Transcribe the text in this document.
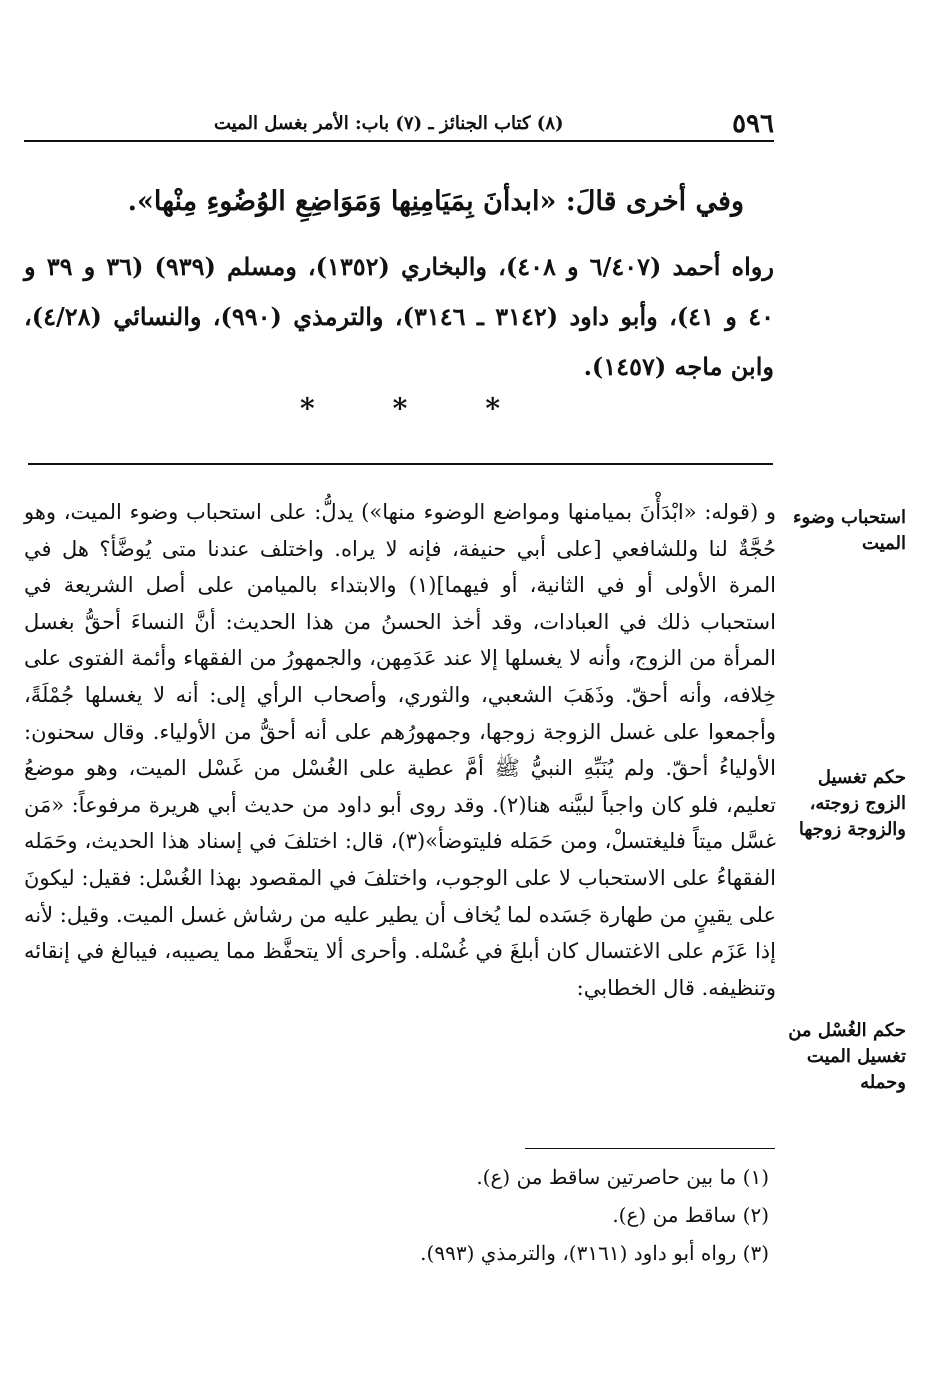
٥٩٦
(٨) كتاب الجنائز ـ (٧) باب: الأمر بغسل الميت
وفي أخرى قالَ: «ابدأنَ بِمَيَامِنِها وَمَوَاضِعِ الوُضُوءِ مِنْها».
رواه أحمد (٦/٤٠٧ و ٤٠٨)، والبخاري (١٣٥٢)، ومسلم (٩٣٩) (٣٦ و ٣٩ و ٤٠ و ٤١)، وأبو داود (٣١٤٢ ـ ٣١٤٦)، والترمذي (٩٩٠)، والنسائي (٤/٢٨)، وابن ماجه (١٤٥٧).
*	*	*
استحباب وضوء الميت
حكم تغسيل الزوج زوجته، والزوجة زوجها
حكم الغُسْل من تغسيل الميت وحمله
و (قوله: «ابْدَأْنَ بميامنها ومواضع الوضوء منها») يدلُّ: على استحباب وضوء الميت، وهو حُجَّةٌ لنا وللشافعي [على أبي حنيفة، فإنه لا يراه. واختلف عندنا متى يُوضَّأ؟ هل في المرة الأولى أو في الثانية، أو فيهما](١) والابتداء بالميامن على أصل الشريعة في استحباب ذلك في العبادات، وقد أخذ الحسنُ من هذا الحديث: أنَّ النساءَ أحقُّ بغسل المرأة من الزوج، وأنه لا يغسلها إلا عند عَدَمِهن، والجمهورُ من الفقهاء وأئمة الفتوى على خِلافه، وأنه أحقّ. وذَهَبَ الشعبي، والثوري، وأصحاب الرأي إلى: أنه لا يغسلها جُمْلَةً، وأجمعوا على غسل الزوجة زوجها، وجمهورُهم على أنه أحقُّ من الأولياء. وقال سحنون: الأولياءُ أحقّ. ولم يُنَبِّهِ النبيُّ ﷺ أمَّ عطية على الغُسْل من غَسْل الميت، وهو موضعُ تعليم، فلو كان واجباً لبيَّنه هنا(٢). وقد روى أبو داود من حديث أبي هريرة مرفوعاً: «مَن غسَّل ميتاً فليغتسلْ، ومن حَمَله فليتوضأ»(٣)، قال: اختلفَ في إسناد هذا الحديث، وحَمَله الفقهاءُ على الاستحباب لا على الوجوب، واختلفَ في المقصود بهذا الغُسْل: فقيل: ليكونَ على يقينٍ من طهارة جَسَده لما يُخاف أن يطير عليه من رشاش غسل الميت. وقيل: لأنه إذا عَزَم على الاغتسال كان أبلغَ في غُسْله. وأحرى ألا يتحفَّظ مما يصيبه، فيبالغ في إنقائه وتنظيفه. قال الخطابي:
(١) ما بين حاصرتين ساقط من (ع).
(٢) ساقط من (ع).
(٣) رواه أبو داود (٣١٦١)، والترمذي (٩٩٣).
